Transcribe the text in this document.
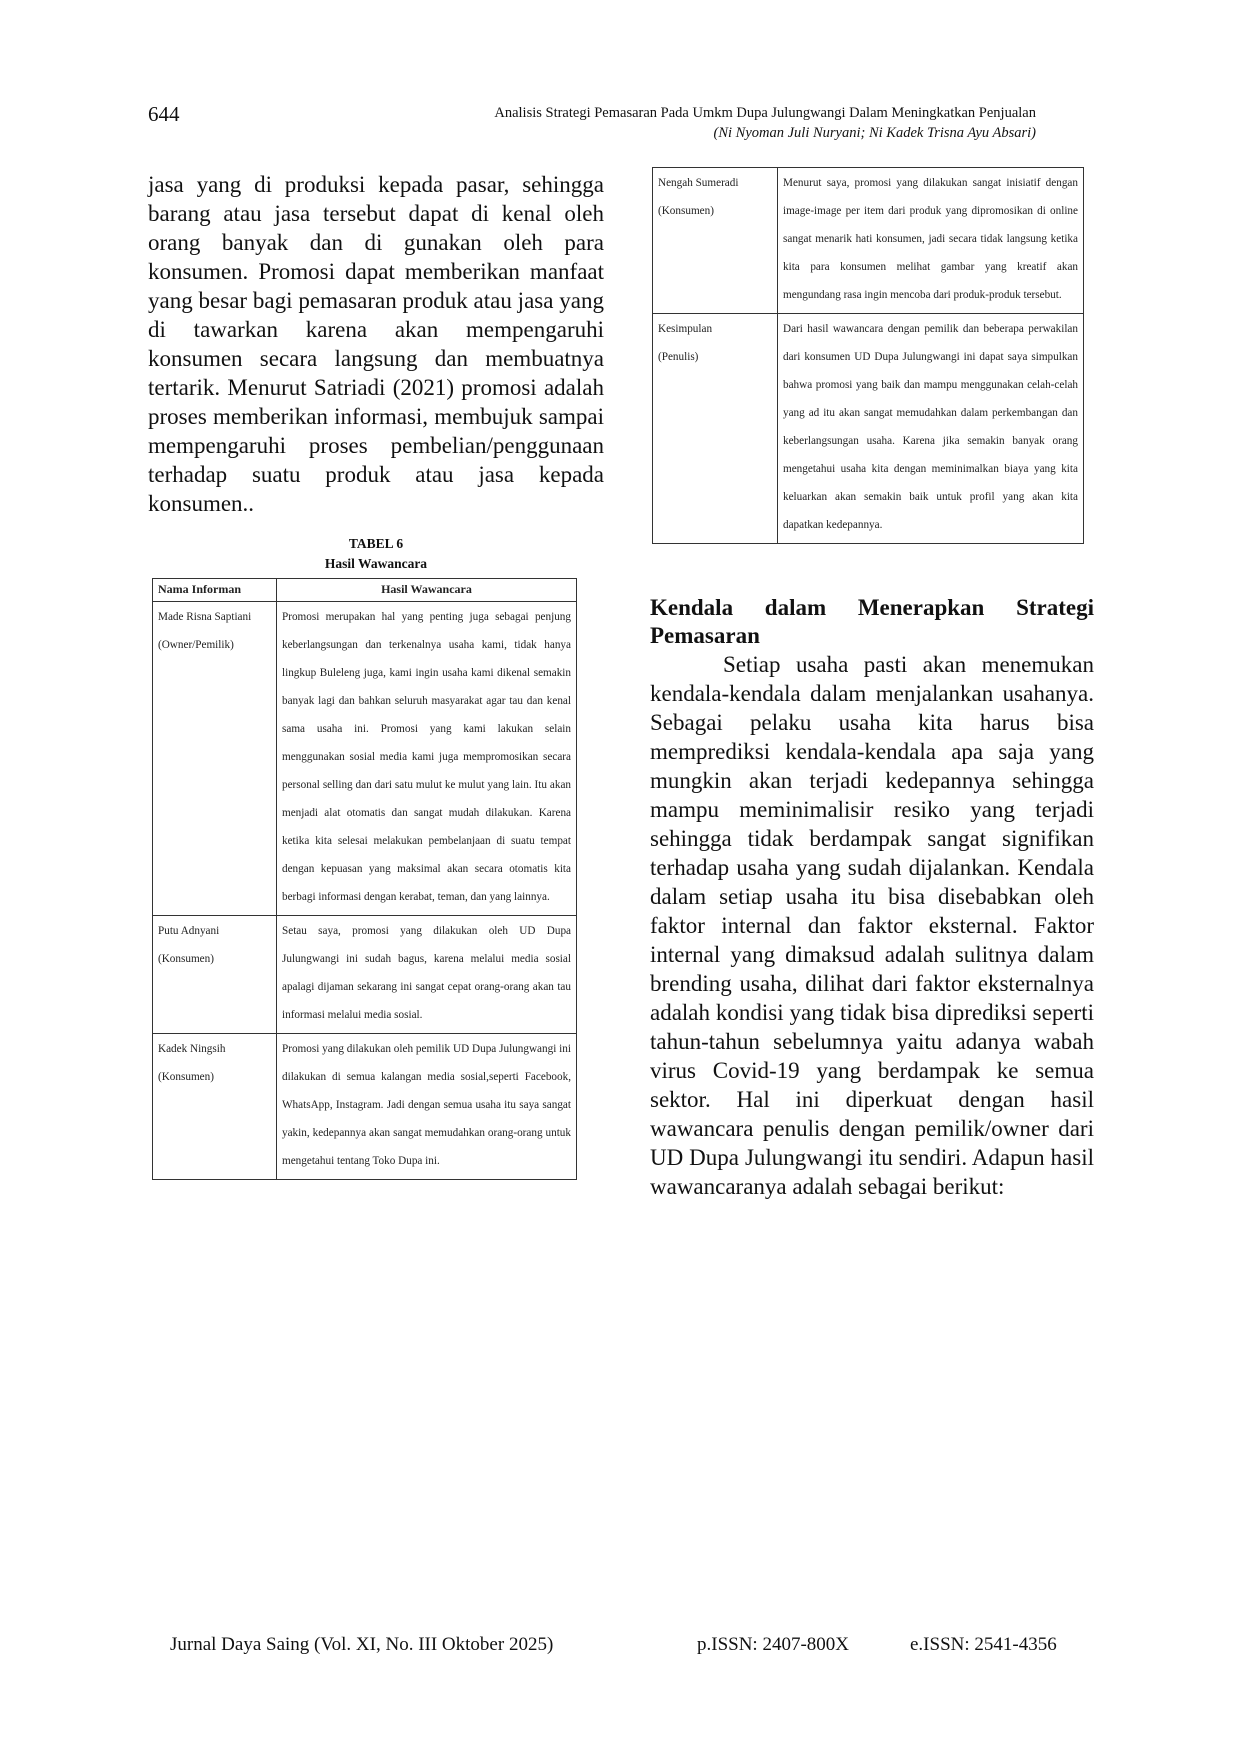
644	Analisis Strategi Pemasaran Pada Umkm Dupa Julungwangi Dalam Meningkatkan Penjualan
(Ni Nyoman Juli Nuryani; Ni Kadek Trisna Ayu Absari)

jasa yang di produksi kepada pasar, sehingga barang atau jasa tersebut dapat di kenal oleh orang banyak dan di gunakan oleh para konsumen. Promosi dapat memberikan manfaat yang besar bagi pemasaran produk atau jasa yang di tawarkan karena akan mempengaruhi konsumen secara langsung dan membuatnya tertarik. Menurut Satriadi (2021) promosi adalah proses memberikan informasi, membujuk sampai mempengaruhi proses pembelian/penggunaan terhadap suatu produk atau jasa kepada konsumen..

TABEL 6
Hasil Wawancara
Nama Informan	Hasil Wawancara

Made Risna Saptiani
(Owner/Pemilik)	Promosi merupakan hal yang penting juga sebagai penjung keberlangsungan dan terkenalnya usaha kami, tidak hanya lingkup Buleleng juga, kami ingin usaha kami dikenal semakin banyak lagi dan bahkan seluruh masyarakat agar tau dan kenal sama usaha ini. Promosi yang kami lakukan selain menggunakan sosial media kami juga mempromosikan secara personal selling dan dari satu mulut ke mulut yang lain. Itu akan menjadi alat otomatis dan sangat mudah dilakukan. Karena ketika kita selesai melakukan pembelanjaan di suatu tempat dengan kepuasan yang maksimal akan secara otomatis kita berbagi informasi dengan kerabat, teman, dan yang lainnya.

Putu Adnyani
(Konsumen)	Setau saya, promosi yang dilakukan oleh UD Dupa Julungwangi ini sudah bagus, karena melalui media sosial apalagi dijaman sekarang ini sangat cepat orang-orang akan tau informasi melalui media sosial.

Kadek Ningsih
(Konsumen)	Promosi yang dilakukan oleh pemilik UD Dupa Julungwangi ini dilakukan di semua kalangan media sosial,seperti Facebook, WhatsApp, Instagram. Jadi dengan semua usaha itu saya sangat yakin, kedepannya akan sangat memudahkan orang-orang untuk mengetahui tentang Toko Dupa ini.
Nengah Sumeradi
(Konsumen)	Menurut saya, promosi yang dilakukan sangat inisiatif dengan image-image per item dari produk yang dipromosikan di online sangat menarik hati konsumen, jadi secara tidak langsung ketika kita para konsumen melihat gambar yang kreatif akan mengundang rasa ingin mencoba dari produk-produk tersebut.

Kesimpulan
(Penulis)	Dari hasil wawancara dengan pemilik dan beberapa perwakilan dari konsumen UD Dupa Julungwangi ini dapat saya simpulkan bahwa promosi yang baik dan mampu menggunakan celah-celah yang ad itu akan sangat memudahkan dalam perkembangan dan keberlangsungan usaha. Karena jika semakin banyak orang mengetahui usaha kita dengan meminimalkan biaya yang kita keluarkan akan semakin baik untuk profil yang akan kita dapatkan kedepannya.
Kendala dalam Menerapkan Strategi Pemasaran

Setiap usaha pasti akan menemukan kendala-kendala dalam menjalankan usahanya. Sebagai pelaku usaha kita harus bisa memprediksi kendala-kendala apa saja yang mungkin akan terjadi kedepannya sehingga mampu meminimalisir resiko yang terjadi sehingga tidak berdampak sangat signifikan terhadap usaha yang sudah dijalankan. Kendala dalam setiap usaha itu bisa disebabkan oleh faktor internal dan faktor eksternal. Faktor internal yang dimaksud adalah sulitnya dalam brending usaha, dilihat dari faktor eksternalnya adalah kondisi yang tidak bisa diprediksi seperti tahun-tahun sebelumnya yaitu adanya wabah virus Covid-19 yang berdampak ke semua sektor. Hal ini diperkuat dengan hasil wawancara penulis dengan pemilik/owner dari UD Dupa Julungwangi itu sendiri. Adapun hasil wawancaranya adalah sebagai berikut:

Jurnal Daya Saing (Vol. XI, No. III Oktober 2025)	p.ISSN: 2407-800X	e.ISSN: 2541-4356
